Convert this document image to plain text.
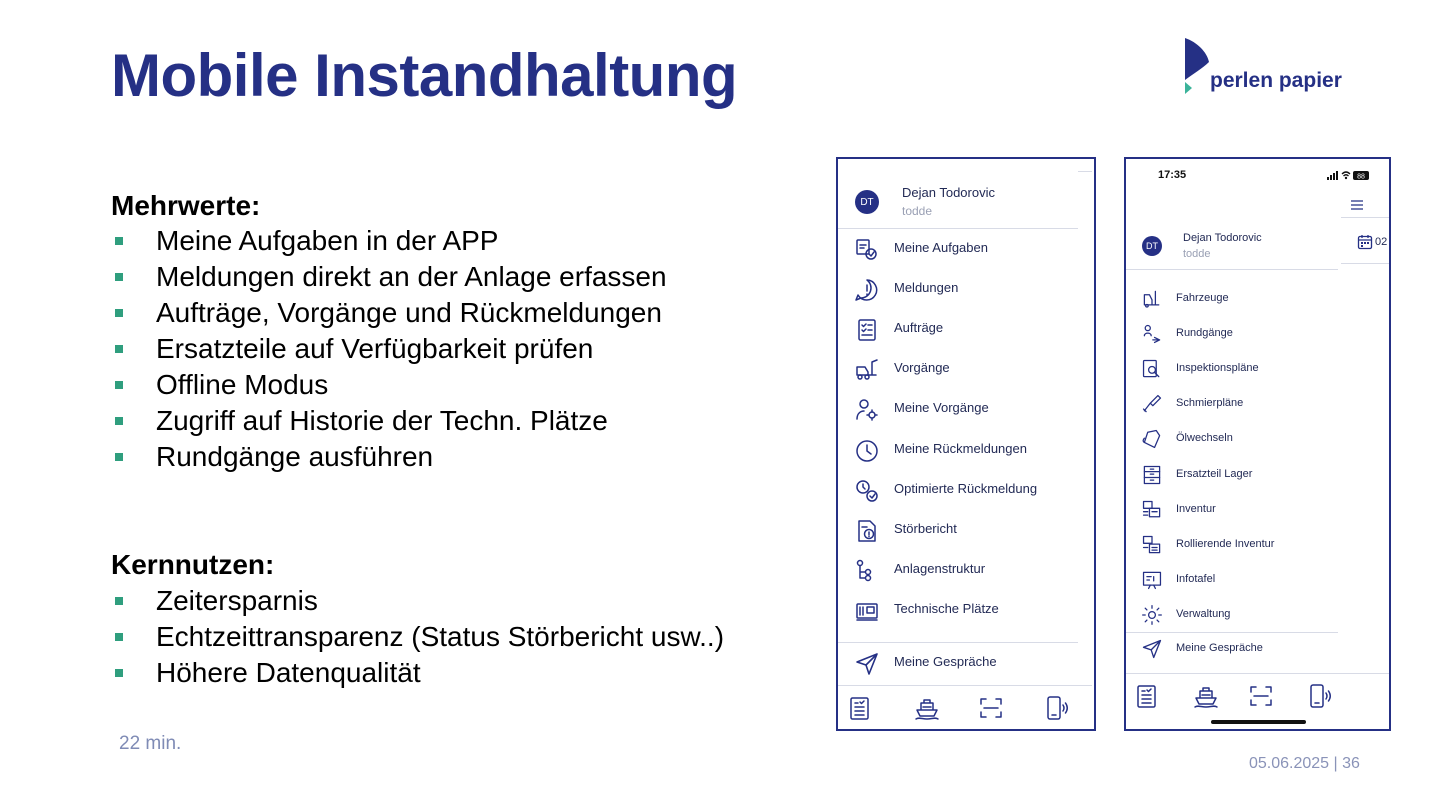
Mobile Instandhaltung	perlen papier
Mehrwerte:
Meine Aufgaben in der APP
Meldungen direkt an der Anlage erfassen
Aufträge, Vorgänge und Rückmeldungen
Ersatzteile auf Verfügbarkeit prüfen
Offline Modus
Zugriff auf Historie der Techn. Plätze
Rundgänge ausführen
Kernnutzen:
Zeitersparnis
Echtzeittransparenz (Status Störbericht usw..)
Höhere Datenqualität
22 min.
05.06.2025 | 36
DT
Dejan Todorovic
todde
Meine Aufgaben
Meldungen
Aufträge
Vorgänge
Meine Vorgänge
Meine Rückmeldungen
Optimierte Rückmeldung
Störbericht
Anlagenstruktur
Technische Plätze
Meine Gespräche
17:35	88
02
DT
Dejan Todorovic
todde
Fahrzeuge
Rundgänge
Inspektionspläne
Schmierpläne
Ölwechseln
Ersatzteil Lager
Inventur
Rollierende Inventur
Infotafel
Verwaltung
Meine Gespräche
